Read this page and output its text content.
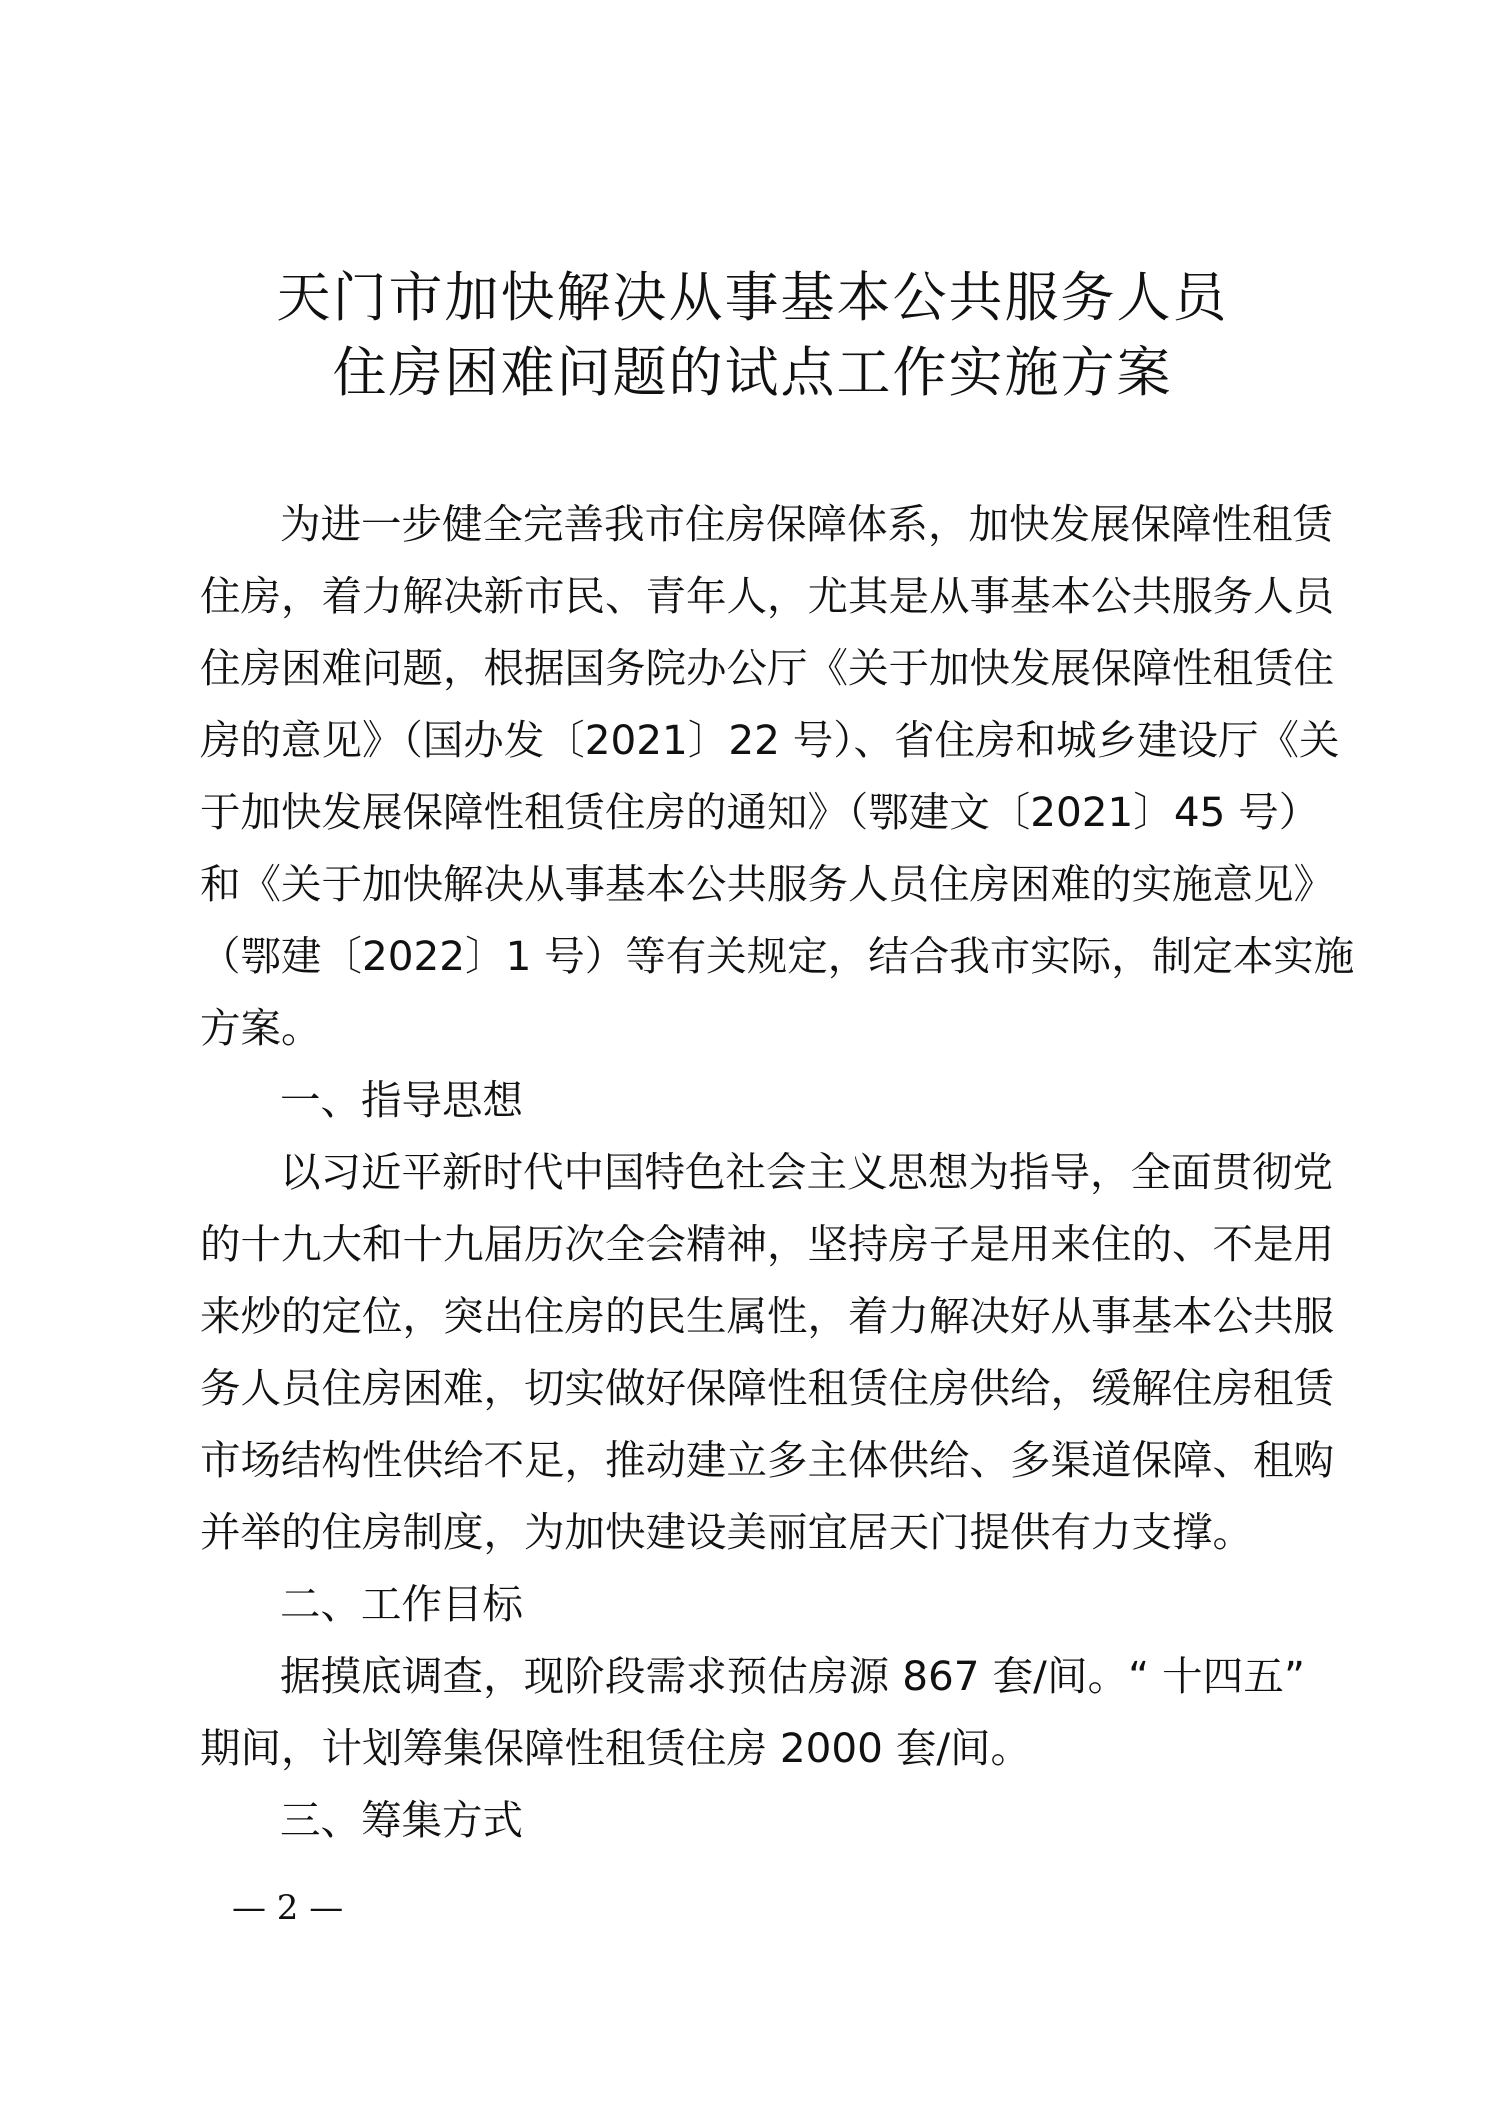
天门市加快解决从事基本公共服务人员
住房困难问题的试点工作实施方案
为进一步健全完善我市住房保障体系，加快发展保障性租赁
住房，着力解决新市民、青年人，尤其是从事基本公共服务人员
住房困难问题，根据国务院办公厅《关于加快发展保障性租赁住
房的意见》（国办发〔2021〕22 号）、省住房和城乡建设厅《关
于加快发展保障性租赁住房的通知》（鄂建文〔2021〕45 号）
和《关于加快解决从事基本公共服务人员住房困难的实施意见》
（鄂建〔2022〕1 号）等有关规定，结合我市实际，制定本实施
方案。
一、指导思想
以习近平新时代中国特色社会主义思想为指导，全面贯彻党
的十九大和十九届历次全会精神，坚持房子是用来住的、不是用
来炒的定位，突出住房的民生属性，着力解决好从事基本公共服
务人员住房困难，切实做好保障性租赁住房供给，缓解住房租赁
市场结构性供给不足，推动建立多主体供给、多渠道保障、租购
并举的住房制度，为加快建设美丽宜居天门提供有力支撑。
二、工作目标
据摸底调查，现阶段需求预估房源 867 套/间。“ 十四五”
期间，计划筹集保障性租赁住房 2000 套/间。
三、筹集方式
— 2 —
